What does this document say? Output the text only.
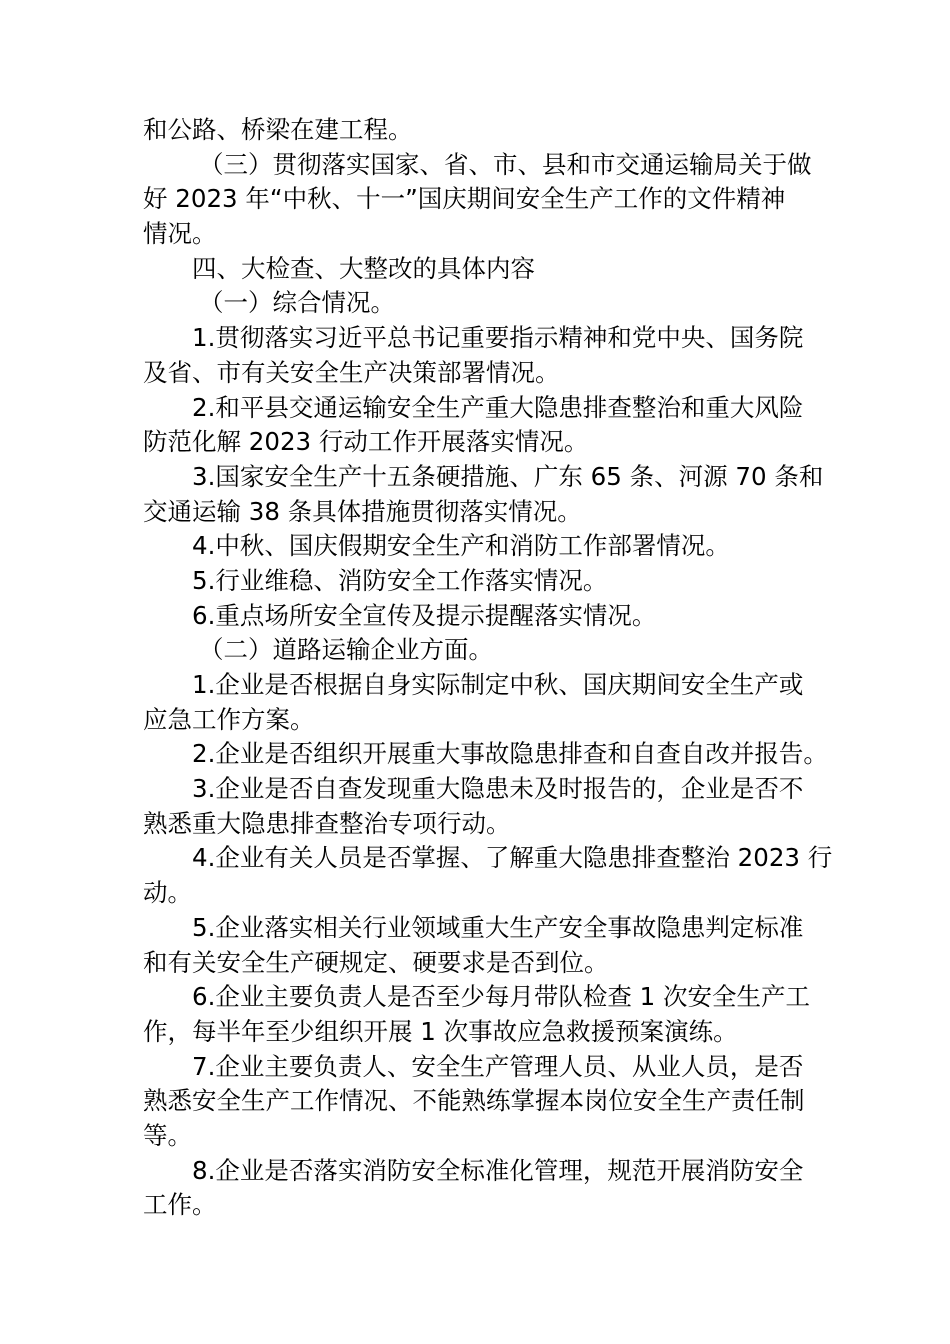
和公路、桥梁在建工程。
（三）贯彻落实国家、省、市、县和市交通运输局关于做
好 2023 年“中秋、十一”国庆期间安全生产工作的文件精神
情况。
四、大检查、大整改的具体内容
（一）综合情况。
1.贯彻落实习近平总书记重要指示精神和党中央、国务院
及省、市有关安全生产决策部署情况。
2.和平县交通运输安全生产重大隐患排查整治和重大风险
防范化解 2023 行动工作开展落实情况。
3.国家安全生产十五条硬措施、广东 65 条、河源 70 条和
交通运输 38 条具体措施贯彻落实情况。
4.中秋、国庆假期安全生产和消防工作部署情况。
5.行业维稳、消防安全工作落实情况。
6.重点场所安全宣传及提示提醒落实情况。
（二）道路运输企业方面。
1.企业是否根据自身实际制定中秋、国庆期间安全生产或
应急工作方案。
2.企业是否组织开展重大事故隐患排查和自查自改并报告。
3.企业是否自查发现重大隐患未及时报告的，企业是否不
熟悉重大隐患排查整治专项行动。
4.企业有关人员是否掌握、了解重大隐患排查整治 2023 行
动。
5.企业落实相关行业领域重大生产安全事故隐患判定标准
和有关安全生产硬规定、硬要求是否到位。
6.企业主要负责人是否至少每月带队检查 1 次安全生产工
作，每半年至少组织开展 1 次事故应急救援预案演练。
7.企业主要负责人、安全生产管理人员、从业人员，是否
熟悉安全生产工作情况、不能熟练掌握本岗位安全生产责任制
等。
8.企业是否落实消防安全标准化管理，规范开展消防安全
工作。
